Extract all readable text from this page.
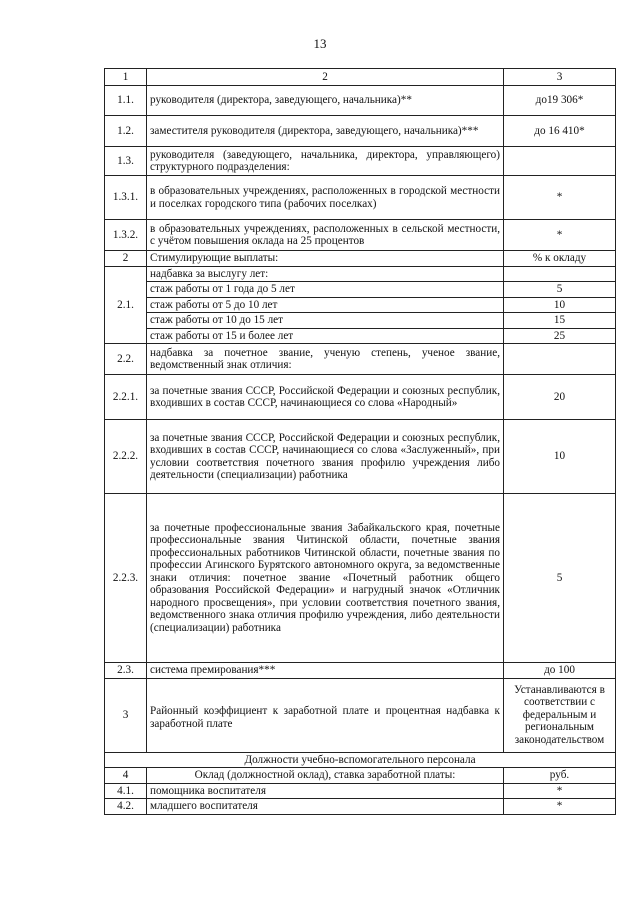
13
1	2	3
1.1.	руководителя (директора, заведующего, начальника)**	до19 306*
1.2.	заместителя руководителя (директора, заведующего, начальника)***	до 16 410*
1.3.	руководителя (заведующего, начальника, директора, управляющего) структурного подразделения:	
1.3.1.	в образовательных учреждениях, расположенных в городской местности и поселках городского типа (рабочих поселках)	*
1.3.2.	в образовательных учреждениях, расположенных в сельской местности, с учётом повышения оклада на 25 процентов	*
2	Стимулирующие выплаты:	% к окладу
2.1.	надбавка за выслугу лет:	
	стаж работы от 1 года до 5 лет	5
	стаж работы от 5 до 10 лет	10
	стаж работы от 10 до 15 лет	15
	стаж работы от 15 и более лет	25
2.2.	надбавка за почетное звание, ученую степень, ученое звание, ведомственный знак отличия:	
2.2.1.	за почетные звания СССР, Российской Федерации и союзных республик, входивших в состав СССР, начинающиеся со слова «Народный»	20
2.2.2.	за почетные звания СССР, Российской Федерации и союзных республик, входивших в состав СССР, начинающиеся со слова «Заслуженный», при условии соответствия почетного звания профилю учреждения либо деятельности (специализации) работника	10
2.2.3.	за почетные профессиональные звания Забайкальского края, почетные профессиональные звания Читинской области, почетные звания профессиональных работников Читинской области, почетные звания по профессии Агинского Бурятского автономного округа, за ведомственные знаки отличия: почетное звание «Почетный работник общего образования Российской Федерации» и нагрудный значок «Отличник народного просвещения», при условии соответствия почетного звания, ведомственного знака отличия профилю учреждения, либо деятельности (специализации) работника	5
2.3.	система премирования***	до 100
3	Районный коэффициент к заработной плате и процентная надбавка к заработной плате	Устанавливаются в соответствии с федеральным и региональным законодательством
Должности учебно-вспомогательного персонала		
4	Оклад (должностной оклад), ставка заработной платы:	руб.
4.1.	помощника воспитателя	*
4.2.	младшего воспитателя	*
